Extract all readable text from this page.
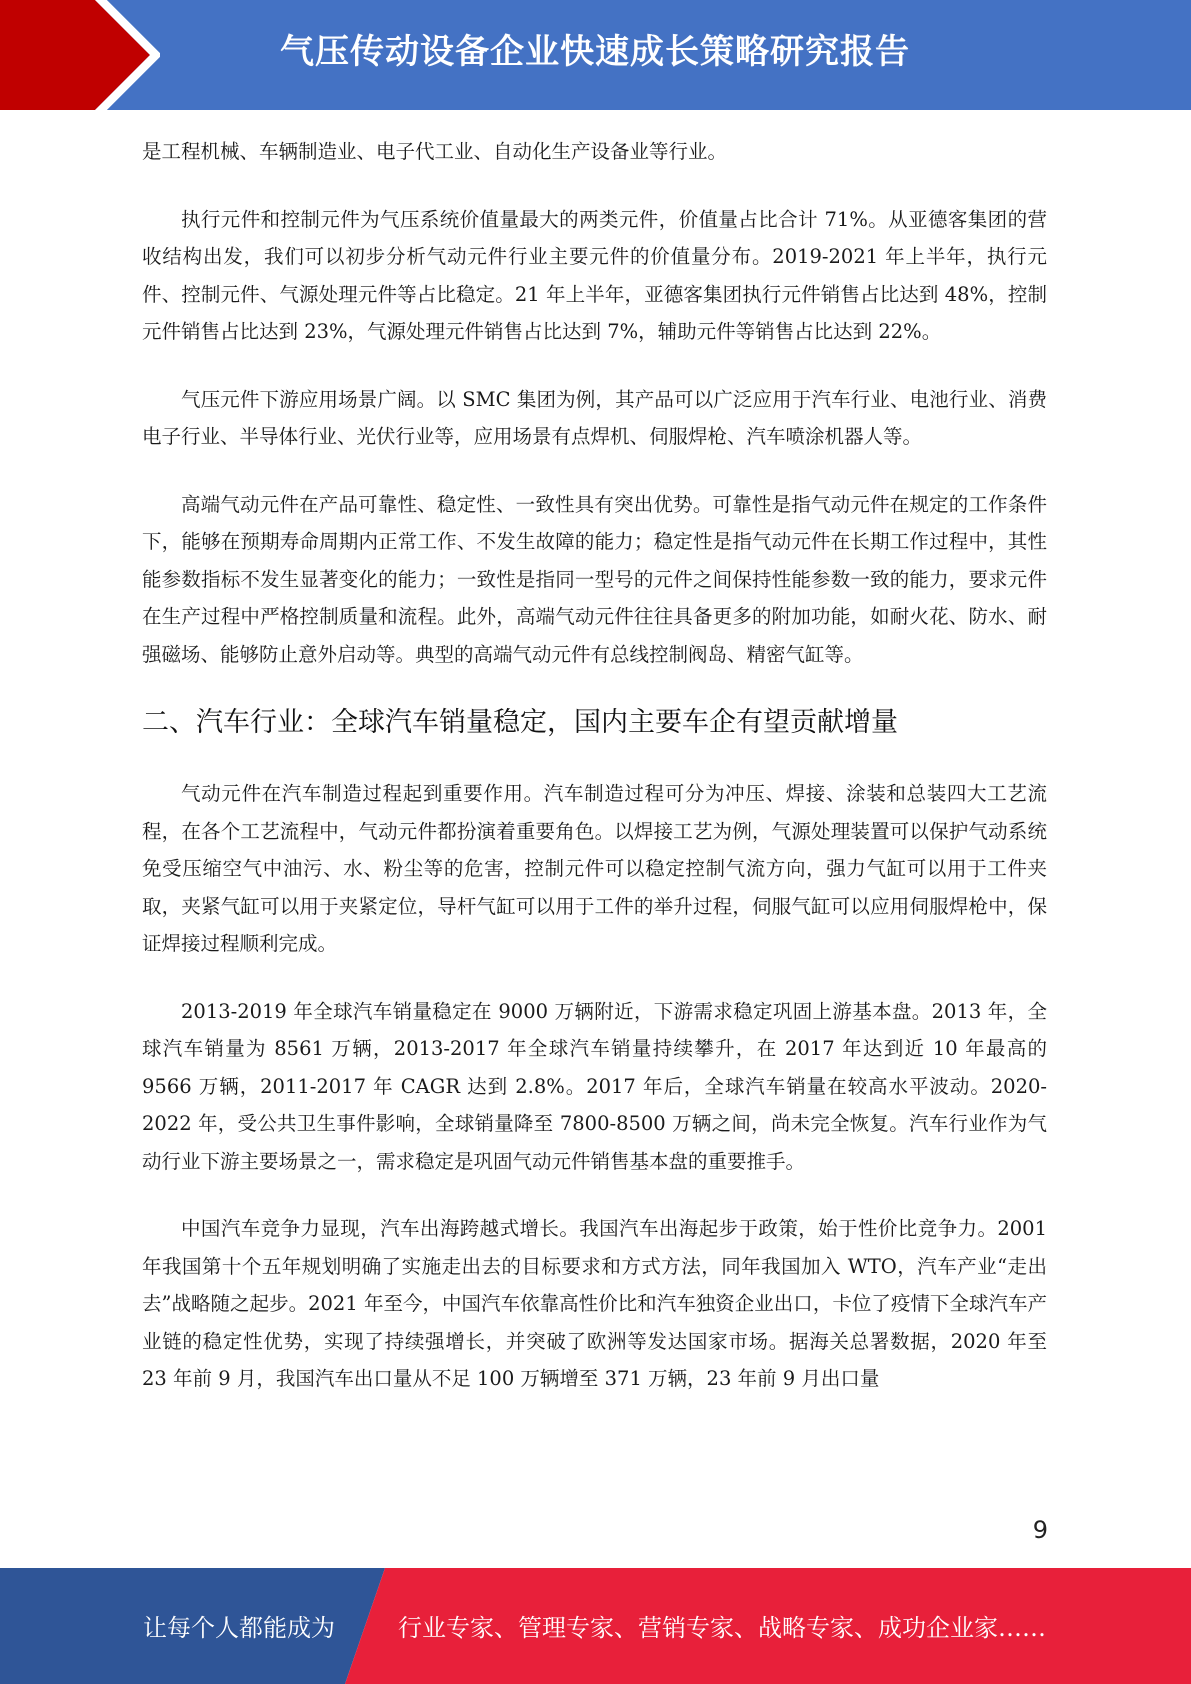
气压传动设备企业快速成长策略研究报告

是工程机械、车辆制造业、电子代工业、自动化生产设备业等行业。

执行元件和控制元件为气压系统价值量最大的两类元件，价值量占比合计 71%。从亚德客集团的营收结构出发，我们可以初步分析气动元件行业主要元件的价值量分布。2019-2021 年上半年，执行元件、控制元件、气源处理元件等占比稳定。21 年上半年，亚德客集团执行元件销售占比达到 48%，控制元件销售占比达到 23%，气源处理元件销售占比达到 7%，辅助元件等销售占比达到 22%。

气压元件下游应用场景广阔。以 SMC 集团为例，其产品可以广泛应用于汽车行业、电池行业、消费电子行业、半导体行业、光伏行业等，应用场景有点焊机、伺服焊枪、汽车喷涂机器人等。

高端气动元件在产品可靠性、稳定性、一致性具有突出优势。可靠性是指气动元件在规定的工作条件下，能够在预期寿命周期内正常工作、不发生故障的能力；稳定性是指气动元件在长期工作过程中，其性能参数指标不发生显著变化的能力；一致性是指同一型号的元件之间保持性能参数一致的能力，要求元件在生产过程中严格控制质量和流程。此外，高端气动元件往往具备更多的附加功能，如耐火花、防水、耐强磁场、能够防止意外启动等。典型的高端气动元件有总线控制阀岛、精密气缸等。

二、汽车行业：全球汽车销量稳定，国内主要车企有望贡献增量

气动元件在汽车制造过程起到重要作用。汽车制造过程可分为冲压、焊接、涂装和总装四大工艺流程，在各个工艺流程中，气动元件都扮演着重要角色。以焊接工艺为例，气源处理装置可以保护气动系统免受压缩空气中油污、水、粉尘等的危害，控制元件可以稳定控制气流方向，强力气缸可以用于工件夹取，夹紧气缸可以用于夹紧定位，导杆气缸可以用于工件的举升过程，伺服气缸可以应用伺服焊枪中，保证焊接过程顺利完成。

2013-2019 年全球汽车销量稳定在 9000 万辆附近，下游需求稳定巩固上游基本盘。2013 年，全球汽车销量为 8561 万辆，2013-2017 年全球汽车销量持续攀升，在 2017 年达到近 10 年最高的 9566 万辆，2011-2017 年 CAGR 达到 2.8%。2017 年后，全球汽车销量在较高水平波动。2020-2022 年，受公共卫生事件影响，全球销量降至 7800-8500 万辆之间，尚未完全恢复。汽车行业作为气动行业下游主要场景之一，需求稳定是巩固气动元件销售基本盘的重要推手。

中国汽车竞争力显现，汽车出海跨越式增长。我国汽车出海起步于政策，始于性价比竞争力。2001 年我国第十个五年规划明确了实施走出去的目标要求和方式方法，同年我国加入 WTO，汽车产业“走出去”战略随之起步。2021 年至今，中国汽车依靠高性价比和汽车独资企业出口，卡位了疫情下全球汽车产业链的稳定性优势，实现了持续强增长，并突破了欧洲等发达国家市场。据海关总署数据，2020 年至 23 年前 9 月，我国汽车出口量从不足 100 万辆增至 371 万辆，23 年前 9 月出口量

9
让每个人都能成为	行业专家、管理专家、营销专家、战略专家、成功企业家……
